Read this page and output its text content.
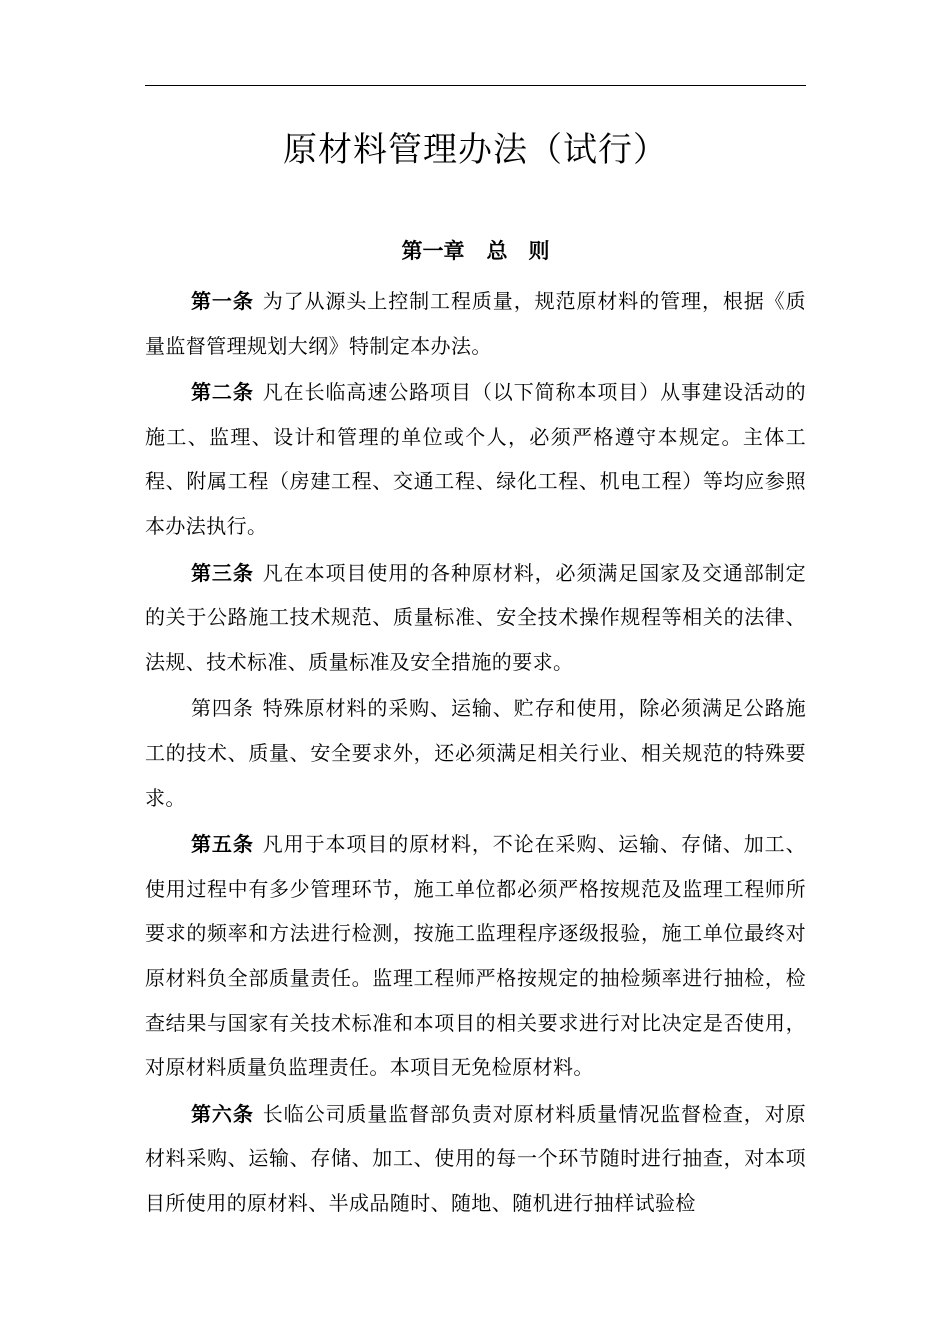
原材料管理办法（试行）
第一章 总　则

第一条 为了从源头上控制工程质量，规范原材料的管理，根据《质量监督管理规划大纲》特制定本办法。

第二条 凡在长临高速公路项目（以下简称本项目）从事建设活动的施工、监理、设计和管理的单位或个人，必须严格遵守本规定。主体工程、附属工程（房建工程、交通工程、绿化工程、机电工程）等均应参照本办法执行。

第三条 凡在本项目使用的各种原材料，必须满足国家及交通部制定的关于公路施工技术规范、质量标准、安全技术操作规程等相关的法律、法规、技术标准、质量标准及安全措施的要求。

第四条 特殊原材料的采购、运输、贮存和使用，除必须满足公路施工的技术、质量、安全要求外，还必须满足相关行业、相关规范的特殊要求。

第五条 凡用于本项目的原材料，不论在采购、运输、存储、加工、使用过程中有多少管理环节，施工单位都必须严格按规范及监理工程师所要求的频率和方法进行检测，按施工监理程序逐级报验，施工单位最终对原材料负全部质量责任。监理工程师严格按规定的抽检频率进行抽检，检查结果与国家有关技术标准和本项目的相关要求进行对比决定是否使用，对原材料质量负监理责任。本项目无免检原材料。

第六条 长临公司质量监督部负责对原材料质量情况监督检查，对原材料采购、运输、存储、加工、使用的每一个环节随时进行抽查，对本项目所使用的原材料、半成品随时、随地、随机进行抽样试验检
